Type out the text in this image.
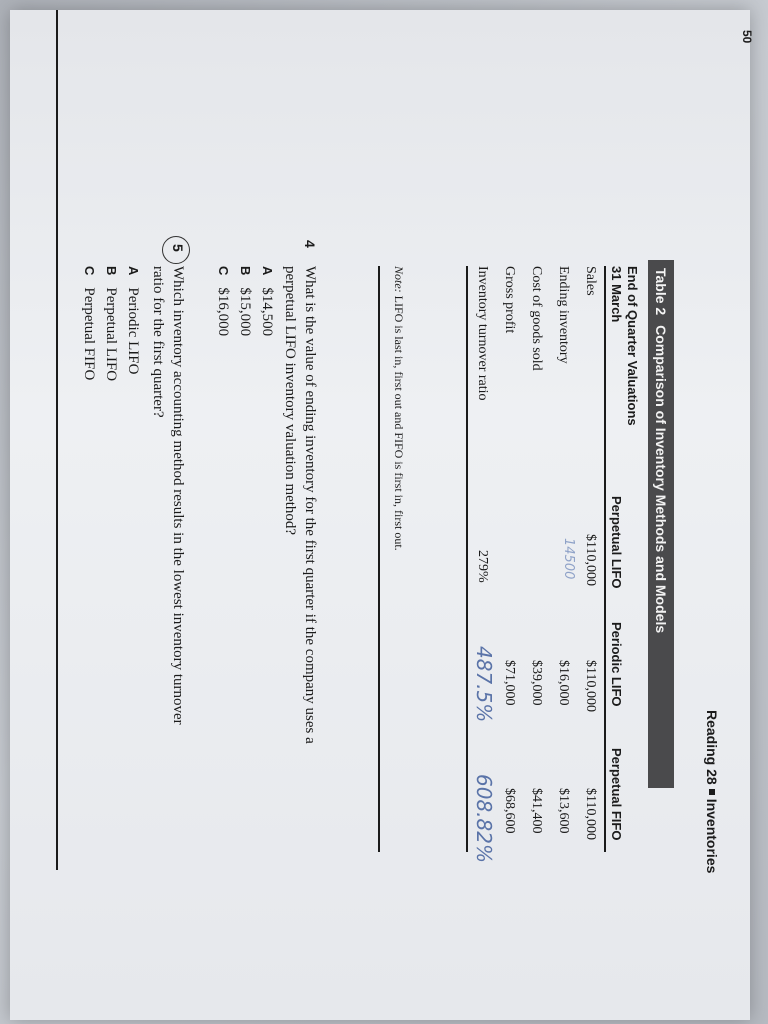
50
Reading 28Inventories
Table 2 Comparison of Inventory Methods and Models
End of Quarter Valuations
31 March
Perpetual LIFO
Periodic LIFO
Perpetual FIFO
Sales
$110,000
$110,000
$110,000
Ending inventory
14500
$16,000
$13,600
Cost of goods sold
$39,000
$41,400
Gross profit
$71,000
$68,600
Inventory turnover ratio
279%
487.5%
608.82%
Note: LIFO is last in, first out and FIFO is first in, first out.
4
What is the value of ending inventory for the first quarter if the company uses a
perpetual LIFO inventory valuation method?
A$14,500
B$15,000
C$16,000
5
Which inventory accounting method results in the lowest inventory turnover
ratio for the first quarter?
APeriodic LIFO
BPerpetual LIFO
CPerpetual FIFO
